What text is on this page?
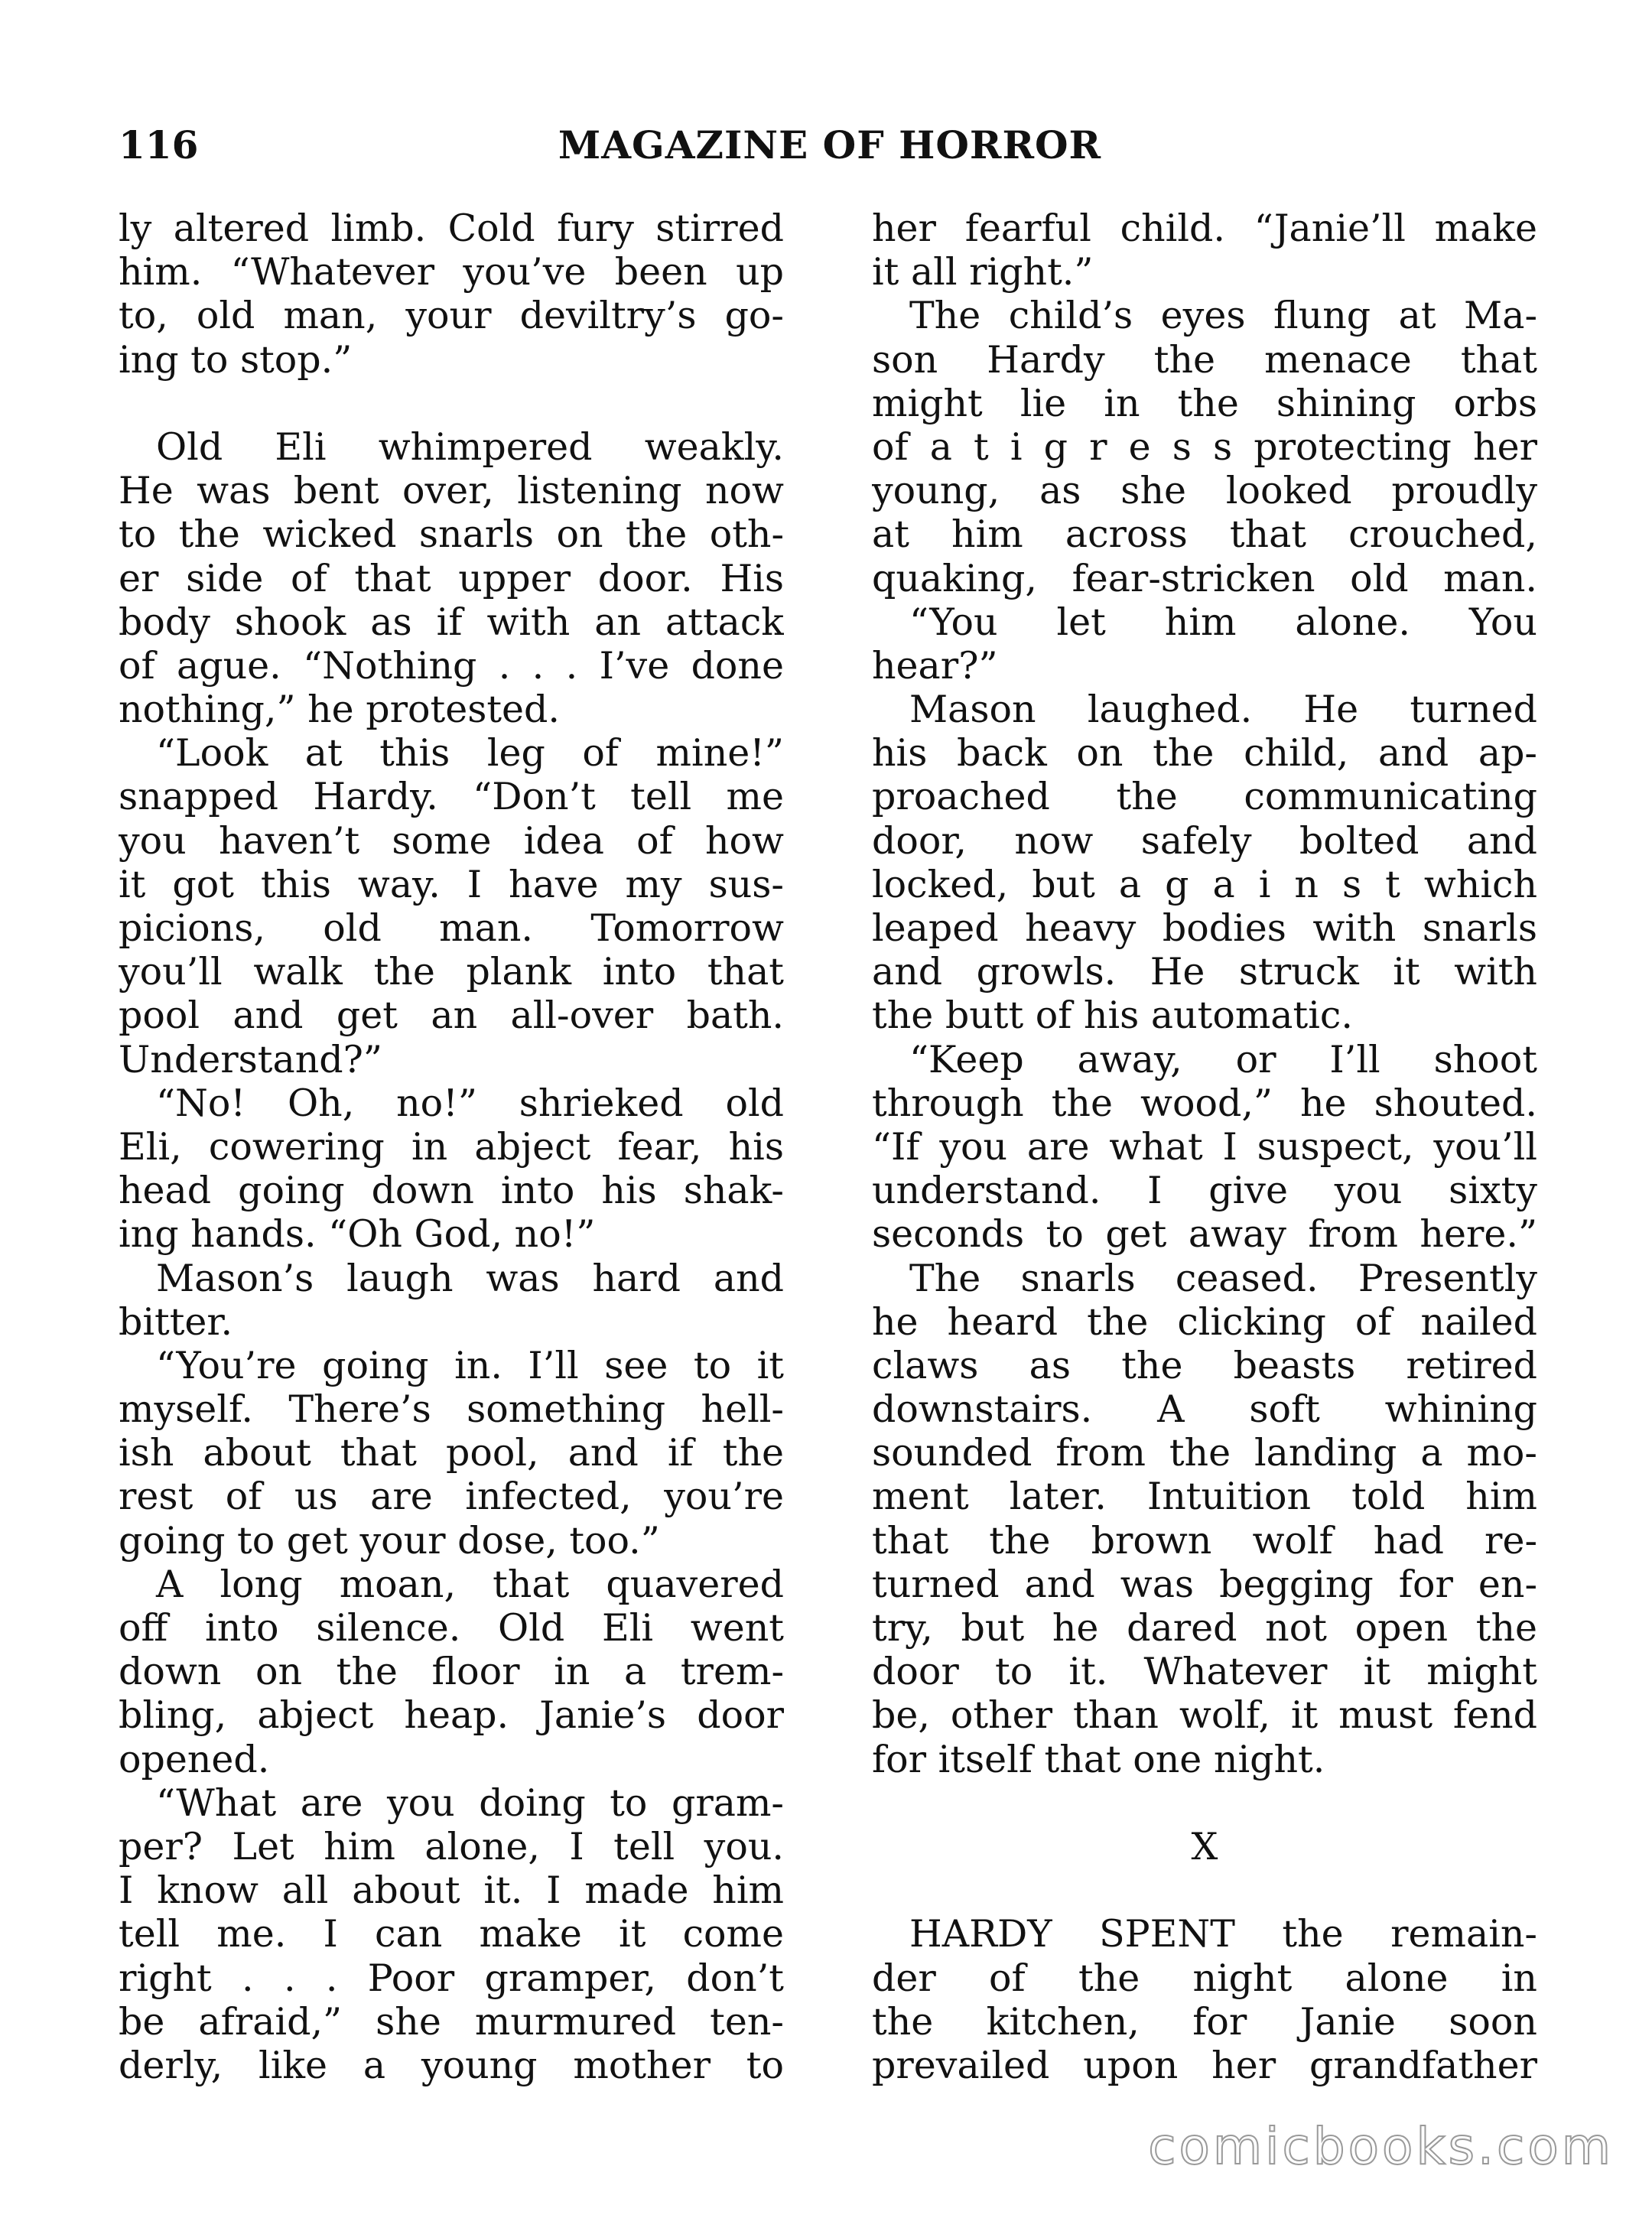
116	MAGAZINE OF HORROR
ly altered limb. Cold fury stirred
him. “Whatever you’ve been up
to, old man, your deviltry’s go-
ing to stop.”
 Old Eli whimpered weakly.
He was bent over, listening now
to the wicked snarls on the oth-
er side of that upper door. His
body shook as if with an attack
of ague. “Nothing . . . I’ve done
nothing,” he protested.
 “Look at this leg of mine!”
snapped Hardy. “Don’t tell me
you haven’t some idea of how
it got this way. I have my sus-
picions, old man. Tomorrow
you’ll walk the plank into that
pool and get an all-over bath.
Understand?”
 “No! Oh, no!” shrieked old
Eli, cowering in abject fear, his
head going down into his shak-
ing hands. “Oh God, no!”
 Mason’s laugh was hard and
bitter.
 “You’re going in. I’ll see to it
myself. There’s something hell-
ish about that pool, and if the
rest of us are infected, you’re
going to get your dose, too.”
 A long moan, that quavered
off into silence. Old Eli went
down on the floor in a trem-
bling, abject heap. Janie’s door
opened.
 “What are you doing to gram-
per? Let him alone, I tell you.
I know all about it. I made him
tell me. I can make it come
right . . . Poor gramper, don’t
be afraid,” she murmured ten-
derly, like a young mother to
her fearful child. “Janie’ll make
it all right.”
 The child’s eyes flung at Ma-
son Hardy the menace that
might lie in the shining orbs
of a t i g r e s s protecting her
young, as she looked proudly
at him across that crouched,
quaking, fear-stricken old man.
 “You let him alone. You
hear?”
 Mason laughed. He turned
his back on the child, and ap-
proached the communicating
door, now safely bolted and
locked, but a g a i n s t which
leaped heavy bodies with snarls
and growls. He struck it with
the butt of his automatic.
 “Keep away, or I’ll shoot
through the wood,” he shouted.
“If you are what I suspect, you’ll
understand. I give you sixty
seconds to get away from here.”
 The snarls ceased. Presently
he heard the clicking of nailed
claws as the beasts retired
downstairs. A soft whining
sounded from the landing a mo-
ment later. Intuition told him
that the brown wolf had re-
turned and was begging for en-
try, but he dared not open the
door to it. Whatever it might
be, other than wolf, it must fend
for itself that one night.
X
 HARDY SPENT the remain-
der of the night alone in
the kitchen, for Janie soon
prevailed upon her grandfather
comicbooks.com
